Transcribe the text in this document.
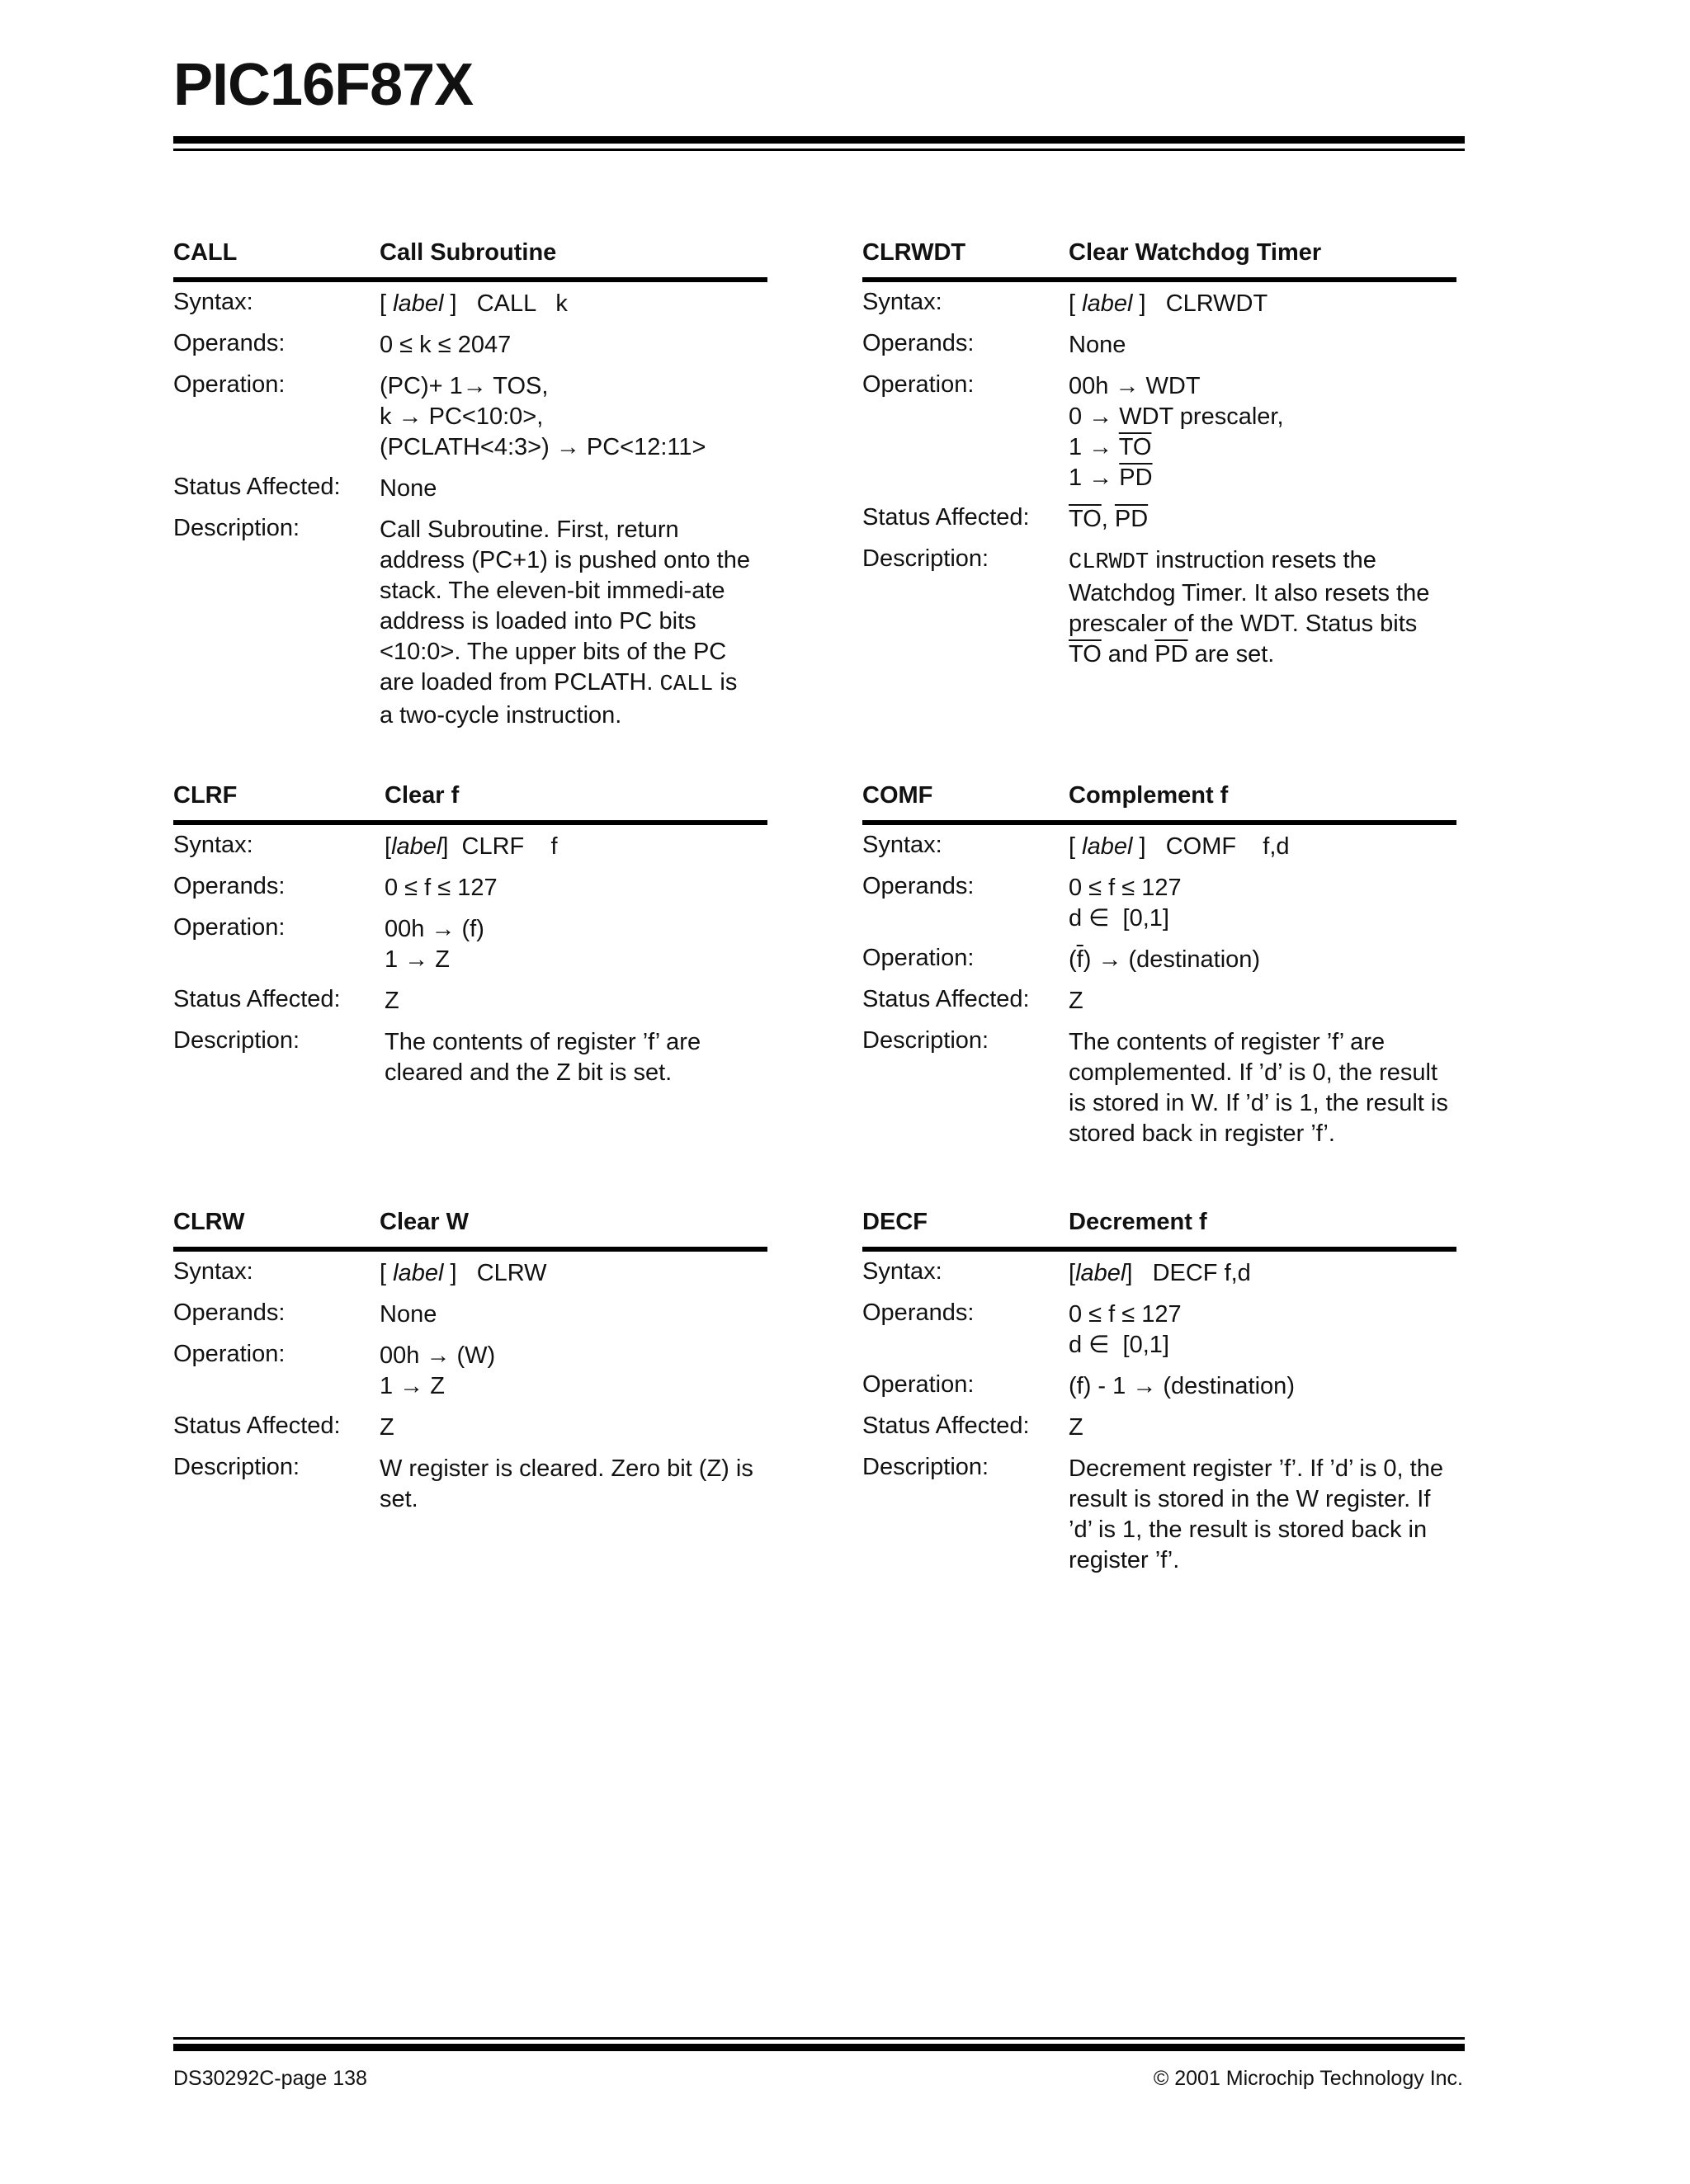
PIC16F87X
CALL	Call Subroutine
Syntax:	[ label ]   CALL   k
Operands:	0 ≤ k ≤ 2047
Operation:	(PC)+ 1→ TOS,
k → PC<10:0>,
(PCLATH<4:3>) → PC<12:11>
Status Affected: None
Description:	Call Subroutine. First, return address (PC+1) is pushed onto the stack. The eleven-bit immedi-ate address is loaded into PC bits <10:0>. The upper bits of the PC are loaded from PCLATH. CALL is a two-cycle instruction.
CLRWDT	Clear Watchdog Timer
Syntax:	[ label ]   CLRWDT
Operands:	None
Operation:	00h → WDT
0 → WDT prescaler,
$1 \to \overline{TO}$
$1 \to \overline{PD}$
Status Affected: $\overline{TO}$, $\overline{PD}$
Description:	CLRWDT instruction resets the Watchdog Timer. It also resets the prescaler of the WDT. Status bits $\overline{TO}$ and $\overline{PD}$ are set.
CLRF	Clear f
Syntax:	[label]  CLRF    f
Operands:	0 ≤ f ≤ 127
Operation:	00h → (f)
1 → Z
Status Affected: Z
Description:	The contents of register ’f’ are cleared and the Z bit is set.
COMF	Complement f
Syntax:	[ label ]   COMF    f,d
Operands:	0 ≤ f ≤ 127
d ∈  [0,1]
Operation:	$(\overline{f})$ → (destination)
Status Affected: Z
Description:	The contents of register ’f’ are complemented. If ’d’ is 0, the result is stored in W. If ’d’ is 1, the result is stored back in register ’f’.
CLRW	Clear W
Syntax:	[ label ]   CLRW
Operands:	None
Operation:	00h → (W)
1 → Z
Status Affected: Z
Description:	W register is cleared. Zero bit (Z) is set.
DECF	Decrement f
Syntax:	[label]   DECF f,d
Operands:	0 ≤ f ≤ 127
d ∈  [0,1]
Operation:	(f) - 1 → (destination)
Status Affected: Z
Description:	Decrement register ’f’. If ’d’ is 0, the result is stored in the W register. If ’d’ is 1, the result is stored back in register ’f’.
DS30292C-page 138	© 2001 Microchip Technology Inc.
